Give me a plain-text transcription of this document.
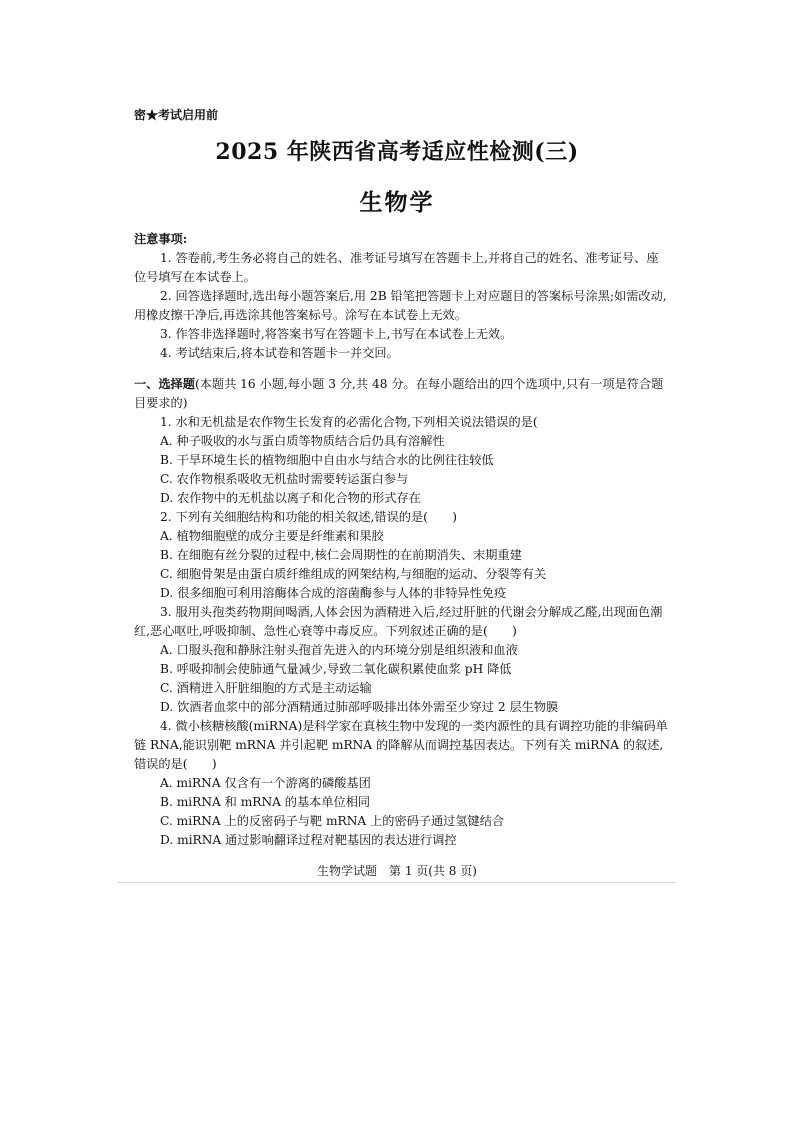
密★考试启用前
2025 年陕西省高考适应性检测(三)
生物学

注意事项:

1. 答卷前,考生务必将自己的姓名、准考证号填写在答题卡上,并将自己的姓名、准考证号、座位号填写在本试卷上。

2. 回答选择题时,选出每小题答案后,用 2B 铅笔把答题卡上对应题目的答案标号涂黑;如需改动,用橡皮擦干净后,再选涂其他答案标号。涂写在本试卷上无效。

3. 作答非选择题时,将答案书写在答题卡上,书写在本试卷上无效。

4. 考试结束后,将本试卷和答题卡一并交回。

一、选择题(本题共 16 小题,每小题 3 分,共 48 分。在每小题给出的四个选项中,只有一项是符合题目要求的)

1. 水和无机盐是农作物生长发育的必需化合物,下列相关说法错误的是(

A. 种子吸收的水与蛋白质等物质结合后仍具有溶解性

B. 干旱环境生长的植物细胞中自由水与结合水的比例往往较低

C. 农作物根系吸收无机盐时需要转运蛋白参与

D. 农作物中的无机盐以离子和化合物的形式存在

2. 下列有关细胞结构和功能的相关叙述,错误的是(　　)

A. 植物细胞壁的成分主要是纤维素和果胶

B. 在细胞有丝分裂的过程中,核仁会周期性的在前期消失、末期重建

C. 细胞骨架是由蛋白质纤维组成的网架结构,与细胞的运动、分裂等有关

D. 很多细胞可利用溶酶体合成的溶菌酶参与人体的非特异性免疫

3. 服用头孢类药物期间喝酒,人体会因为酒精进入后,经过肝脏的代谢会分解成乙醛,出现面色潮红,恶心呕吐,呼吸抑制、急性心衰等中毒反应。下列叙述正确的是(　　)

A. 口服头孢和静脉注射头孢首先进入的内环境分别是组织液和血液

B. 呼吸抑制会使肺通气量减少,导致二氧化碳积累使血浆 pH 降低

C. 酒精进入肝脏细胞的方式是主动运输

D. 饮酒者血浆中的部分酒精通过肺部呼吸排出体外需至少穿过 2 层生物膜

4. 微小核糖核酸(miRNA)是科学家在真核生物中发现的一类内源性的具有调控功能的非编码单链 RNA,能识别靶 mRNA 并引起靶 mRNA 的降解从而调控基因表达。下列有关 miRNA 的叙述,错误的是(　　)

A. miRNA 仅含有一个游离的磷酸基团

B. miRNA 和 mRNA 的基本单位相同

C. miRNA 上的反密码子与靶 mRNA 上的密码子通过氢键结合

D. miRNA 通过影响翻译过程对靶基因的表达进行调控

生物学试题　第 1 页(共 8 页)
